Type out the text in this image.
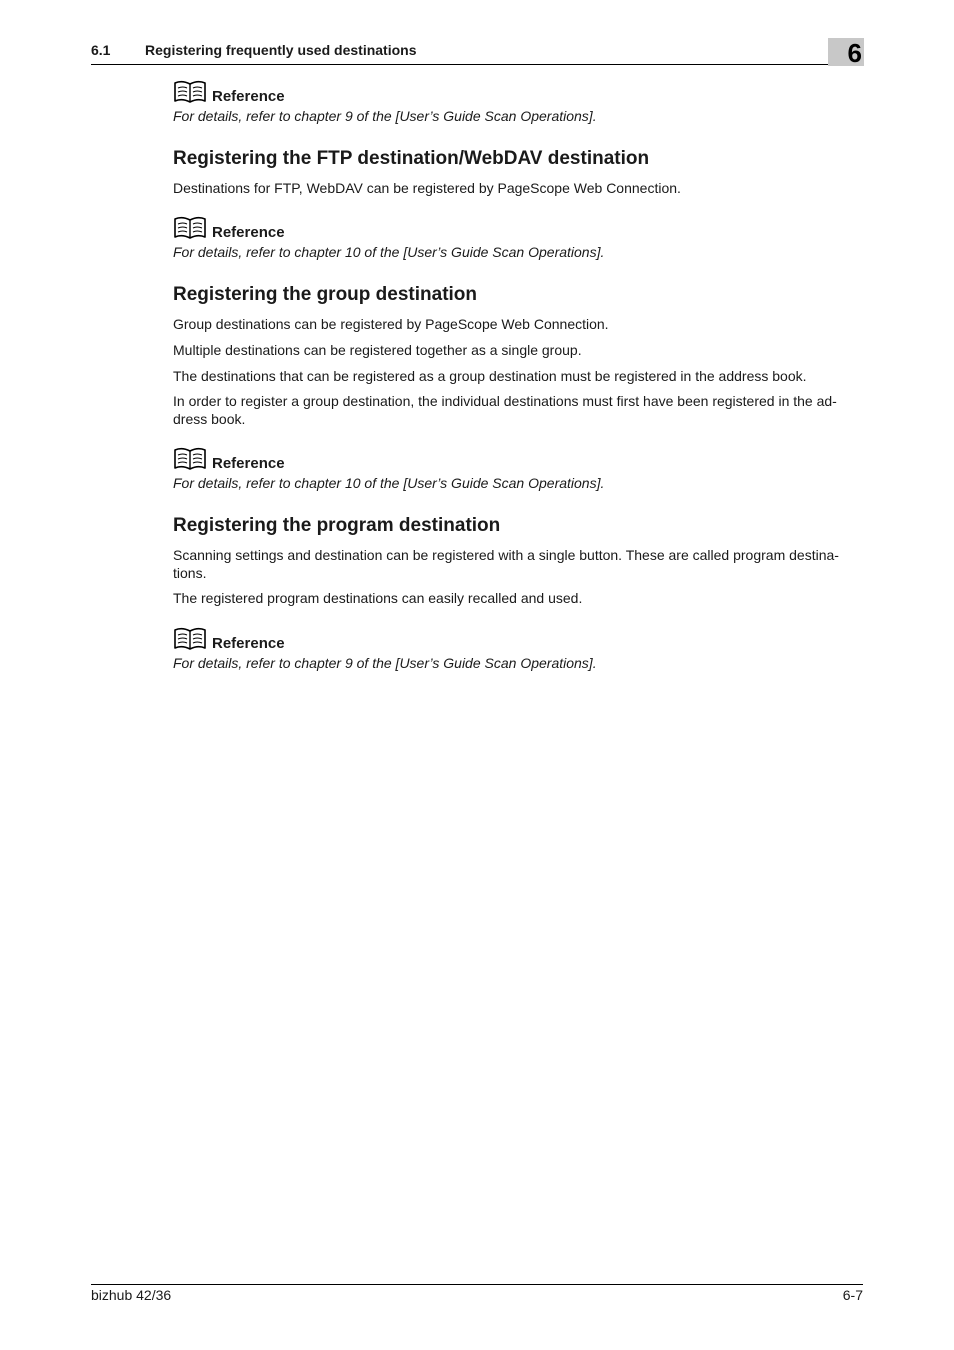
6.1 Registering frequently used destinations	6
Reference
For details, refer to chapter 9 of the [User’s Guide Scan Operations].
Registering the FTP destination/WebDAV destination

Destinations for FTP, WebDAV can be registered by PageScope Web Connection.

Reference
For details, refer to chapter 10 of the [User’s Guide Scan Operations].
Registering the group destination

Group destinations can be registered by PageScope Web Connection.

Multiple destinations can be registered together as a single group.

The destinations that can be registered as a group destination must be registered in the address book.

In order to register a group destination, the individual destinations must first have been registered in the ad-dress book.

Reference
For details, refer to chapter 10 of the [User’s Guide Scan Operations].
Registering the program destination

Scanning settings and destination can be registered with a single button. These are called program destina-tions.

The registered program destinations can easily recalled and used.

Reference
For details, refer to chapter 9 of the [User’s Guide Scan Operations].
bizhub 42/36	6-7
